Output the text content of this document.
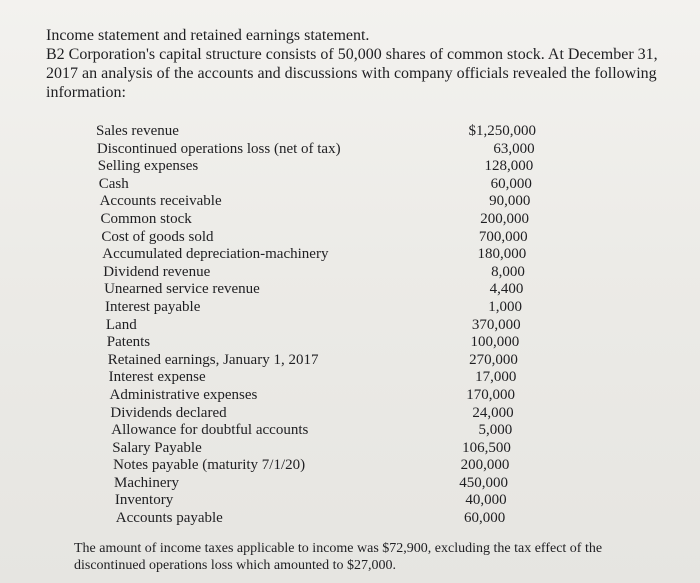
Income statement and retained earnings statement.

B2 Corporation's capital structure consists of 50,000 shares of common stock. At December 31, 2017 an analysis of the accounts and discussions with company officials revealed the following information:

Sales revenue	$1,250,000
Discontinued operations loss (net of tax)	63,000
Selling expenses	128,000
Cash	60,000
Accounts receivable	90,000
Common stock	200,000
Cost of goods sold	700,000
Accumulated depreciation-machinery	180,000
Dividend revenue	8,000
Unearned service revenue	4,400
Interest payable	1,000
Land	370,000
Patents	100,000
Retained earnings, January 1, 2017	270,000
Interest expense	17,000
Administrative expenses	170,000
Dividends declared	24,000
Allowance for doubtful accounts	5,000
Salary Payable	106,500
Notes payable (maturity 7/1/20)	200,000
Machinery	450,000
Inventory	40,000
Accounts payable	60,000

The amount of income taxes applicable to income was $72,900, excluding the tax effect of the discontinued operations loss which amounted to $27,000.
